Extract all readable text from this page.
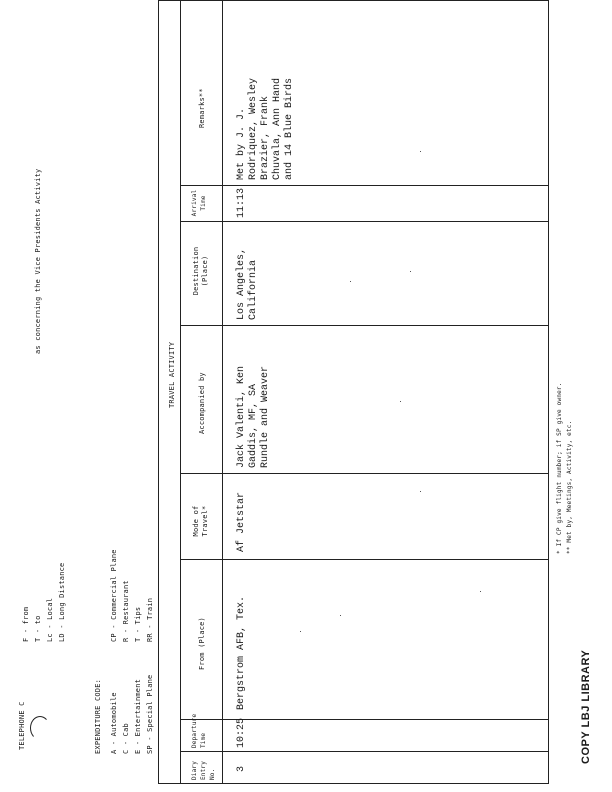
TELEPHONE C
F - from T - to Lc - Local LD - Long Distance
EXPENDITURE CODE: A - Automobile C - Cab E - Entertainment SP - Special Plane
CP - Commercial Plane R - Restaurant T - Tips RR - Train
as concerning the Vice Presidents Activity
TRAVEL ACTIVITY
Diary Entry No.
Departure Time
From (Place)
Mode of Travel*
Accompanied by
Destination (Place)
Arrival Time
Remarks**
3
10:25
Bergstrom AFB, Tex.
Af Jetstar
Jack Valenti, Ken Gaddis, MF, SA Rundle and Weaver
Los Angeles, California
11:13
Met by J. J. Rodriquez, Wesley Brazier, Frank Chuvala, Ann Hand and 14 Blue Birds
* If CP give flight number; if SP give owner. ** Met by, Meetings, Activity, etc.
COPY LBJ LIBRARY
